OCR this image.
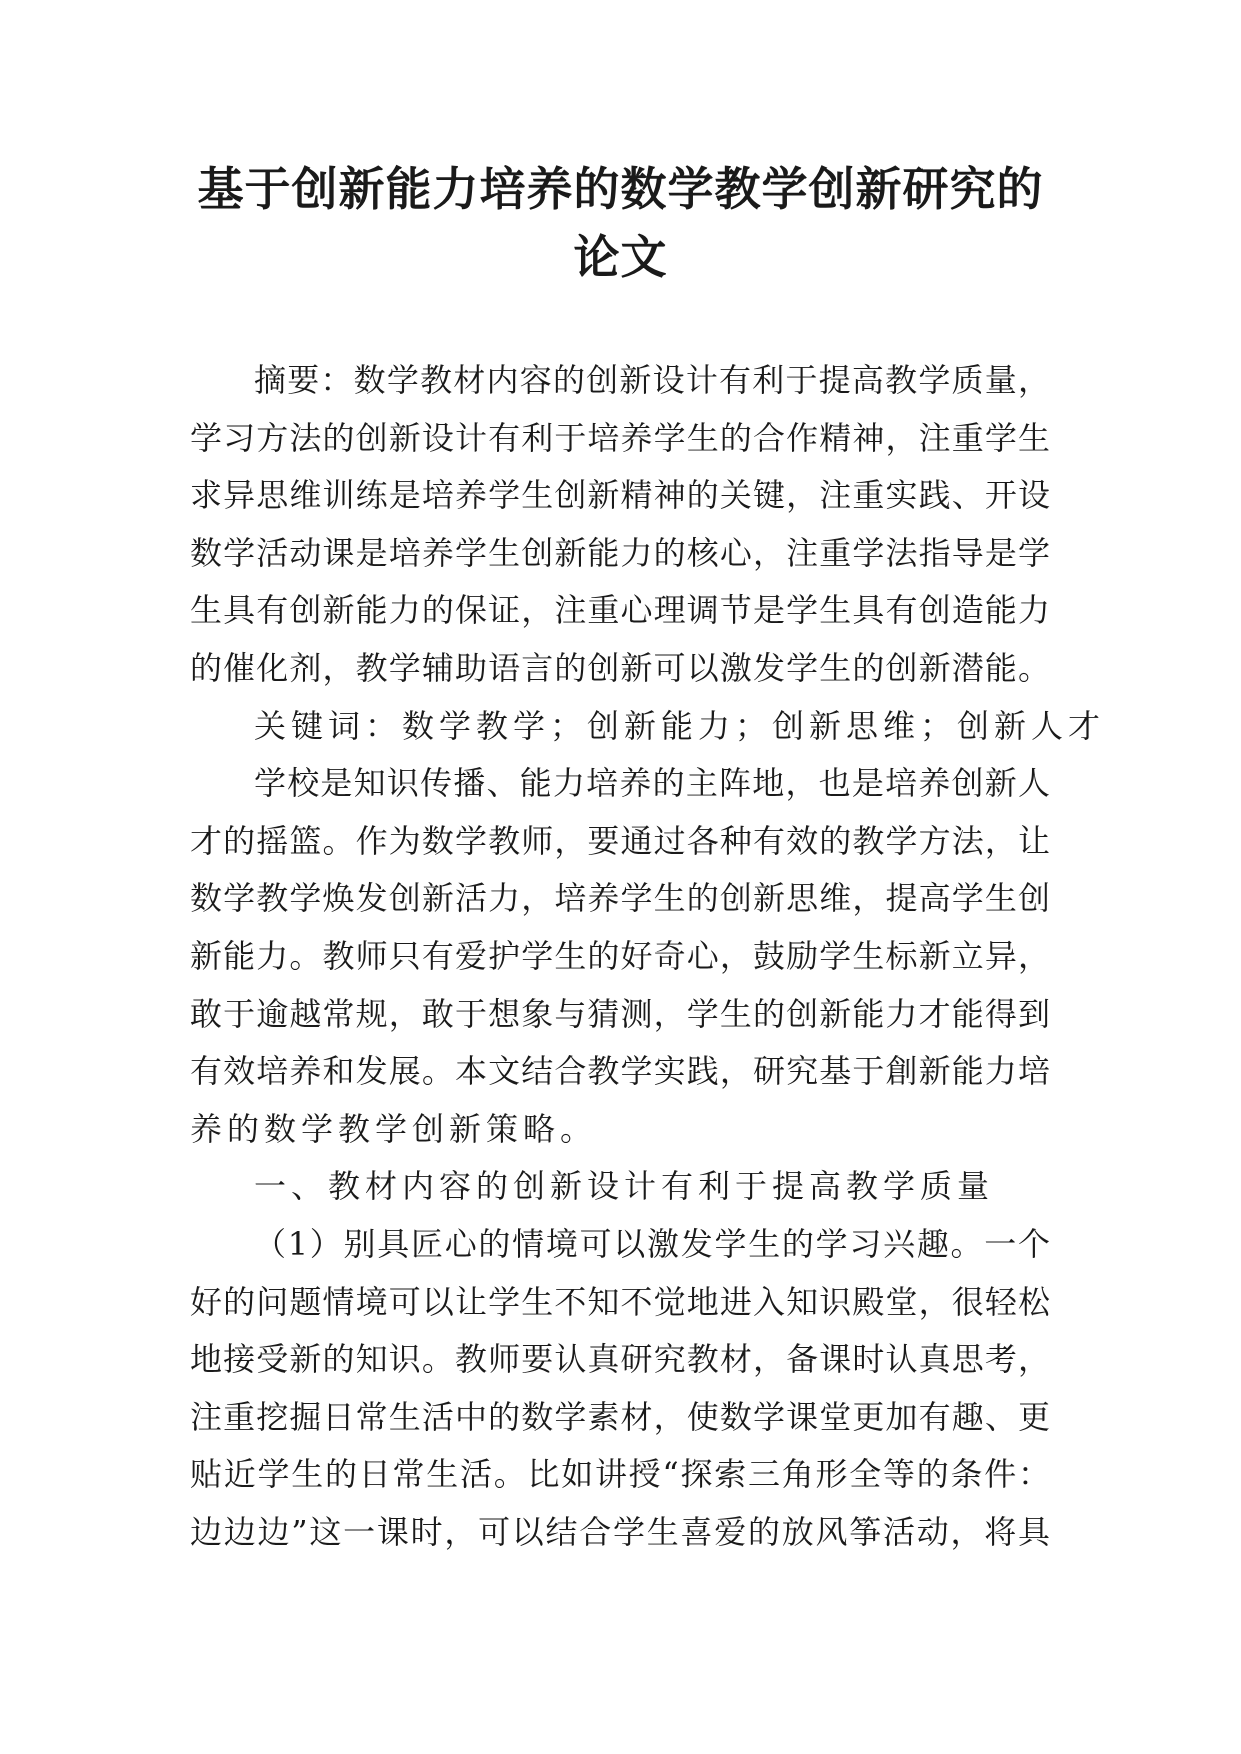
基于创新能力培养的数学教学创新研究的
论文
摘要：数学教材内容的创新设计有利于提高教学质量，
学习方法的创新设计有利于培养学生的合作精神，注重学生
求异思维训练是培养学生创新精神的关键，注重实践、开设
数学活动课是培养学生创新能力的核心，注重学法指导是学
生具有创新能力的保证，注重心理调节是学生具有创造能力
的催化剂，教学辅助语言的创新可以激发学生的创新潜能。
关键词：数学教学；创新能力；创新思维；创新人才
学校是知识传播、能力培养的主阵地，也是培养创新人
才的摇篮。作为数学教师，要通过各种有效的教学方法，让
数学教学焕发创新活力，培养学生的创新思维，提高学生创
新能力。教师只有爱护学生的好奇心，鼓励学生标新立异，
敢于逾越常规，敢于想象与猜测，学生的创新能力才能得到
有效培养和发展。本文结合教学实践，研究基于創新能力培
养的数学教学创新策略。
一、教材内容的创新设计有利于提高教学质量
（1）别具匠心的情境可以激发学生的学习兴趣。一个
好的问题情境可以让学生不知不觉地进入知识殿堂，很轻松
地接受新的知识。教师要认真研究教材，备课时认真思考，
注重挖掘日常生活中的数学素材，使数学课堂更加有趣、更
贴近学生的日常生活。比如讲授“探索三角形全等的条件：
边边边”这一课时，可以结合学生喜爱的放风筝活动，将具
